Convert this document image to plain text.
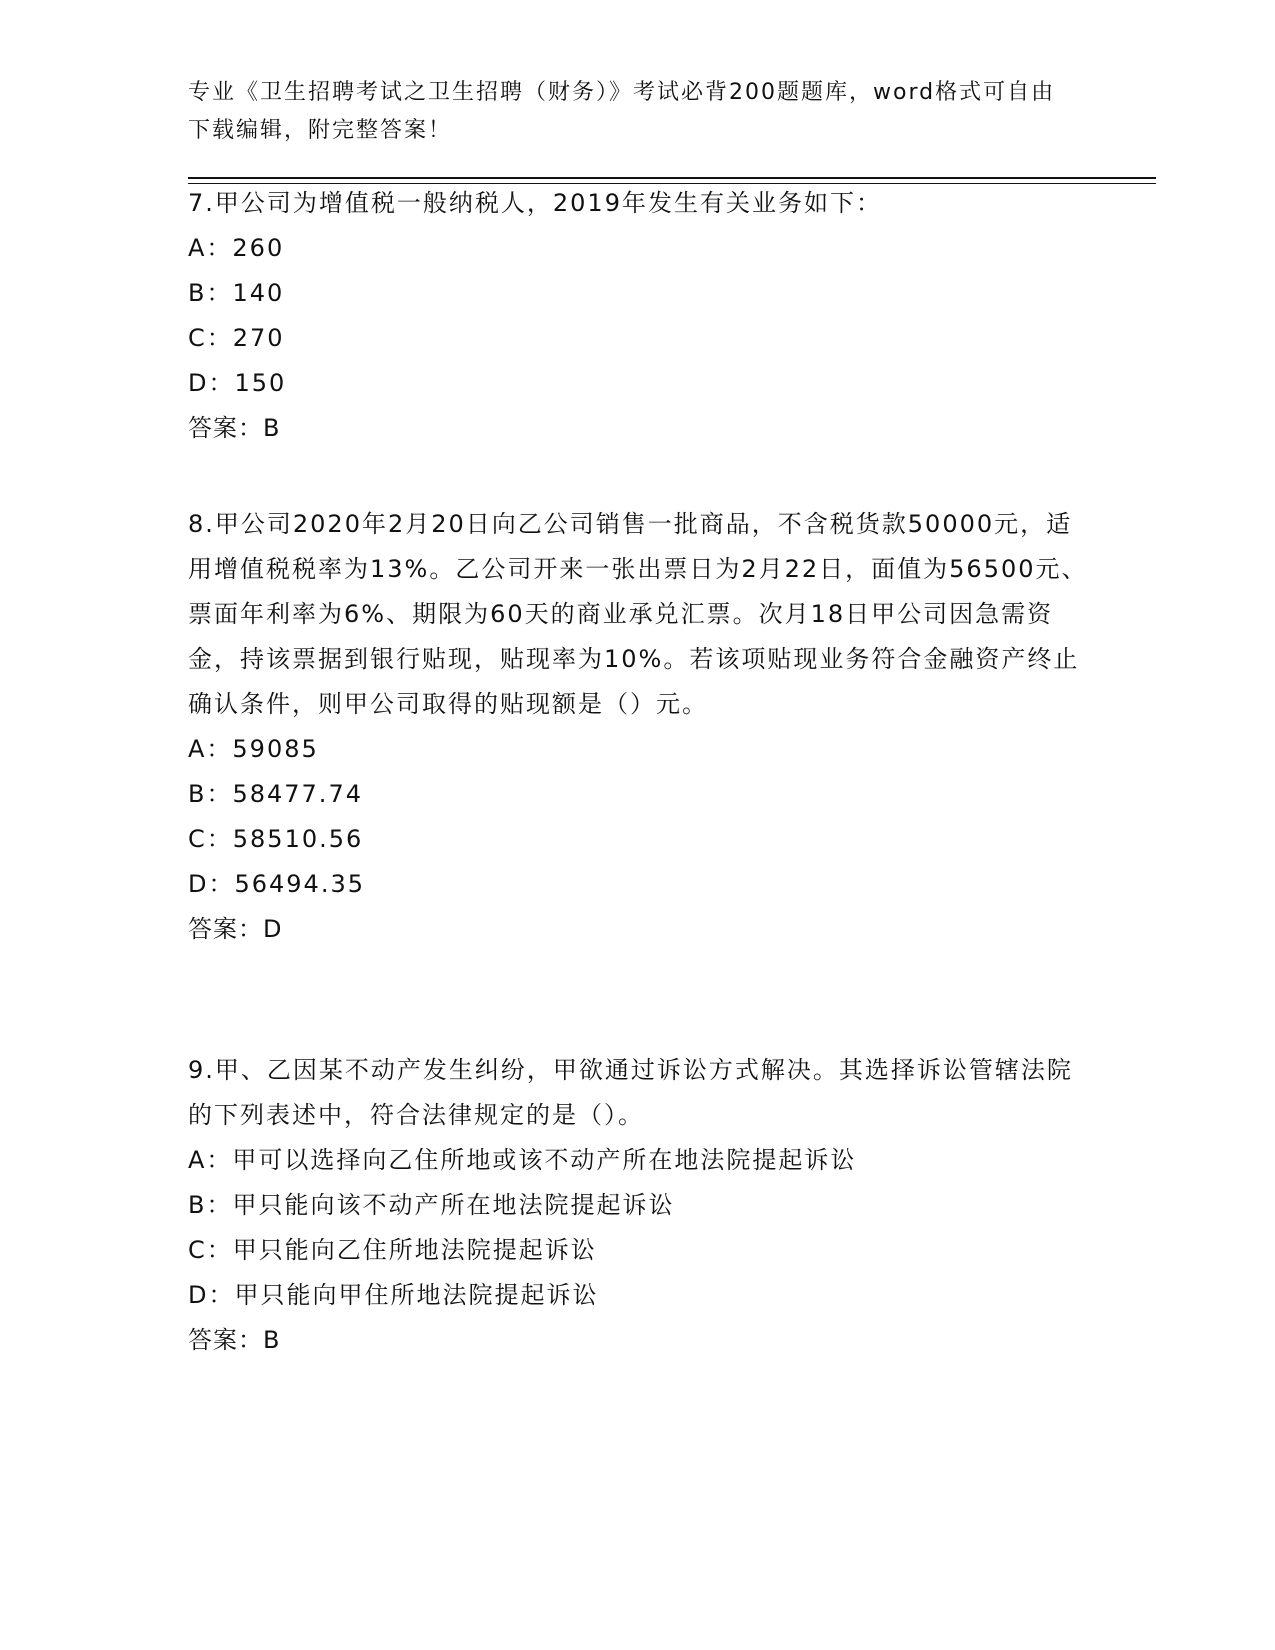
专业《卫生招聘考试之卫生招聘（财务）》考试必背200题题库，word格式可自由下载编辑，附完整答案！
7.甲公司为增值税一般纳税人，2019年发生有关业务如下：
A：260
B：140
C：270
D：150
答案：B
8.甲公司2020年2月20日向乙公司销售一批商品，不含税货款50000元，适用增值税税率为13%。乙公司开来一张出票日为2月22日，面值为56500元、票面年利率为6%、期限为60天的商业承兑汇票。次月18日甲公司因急需资金，持该票据到银行贴现，贴现率为10%。若该项贴现业务符合金融资产终止确认条件，则甲公司取得的贴现额是（）元。
A：59085
B：58477.74
C：58510.56
D：56494.35
答案：D
9.甲、乙因某不动产发生纠纷，甲欲通过诉讼方式解决。其选择诉讼管辖法院的下列表述中，符合法律规定的是（）。
A：甲可以选择向乙住所地或该不动产所在地法院提起诉讼
B：甲只能向该不动产所在地法院提起诉讼
C：甲只能向乙住所地法院提起诉讼
D：甲只能向甲住所地法院提起诉讼
答案：B
